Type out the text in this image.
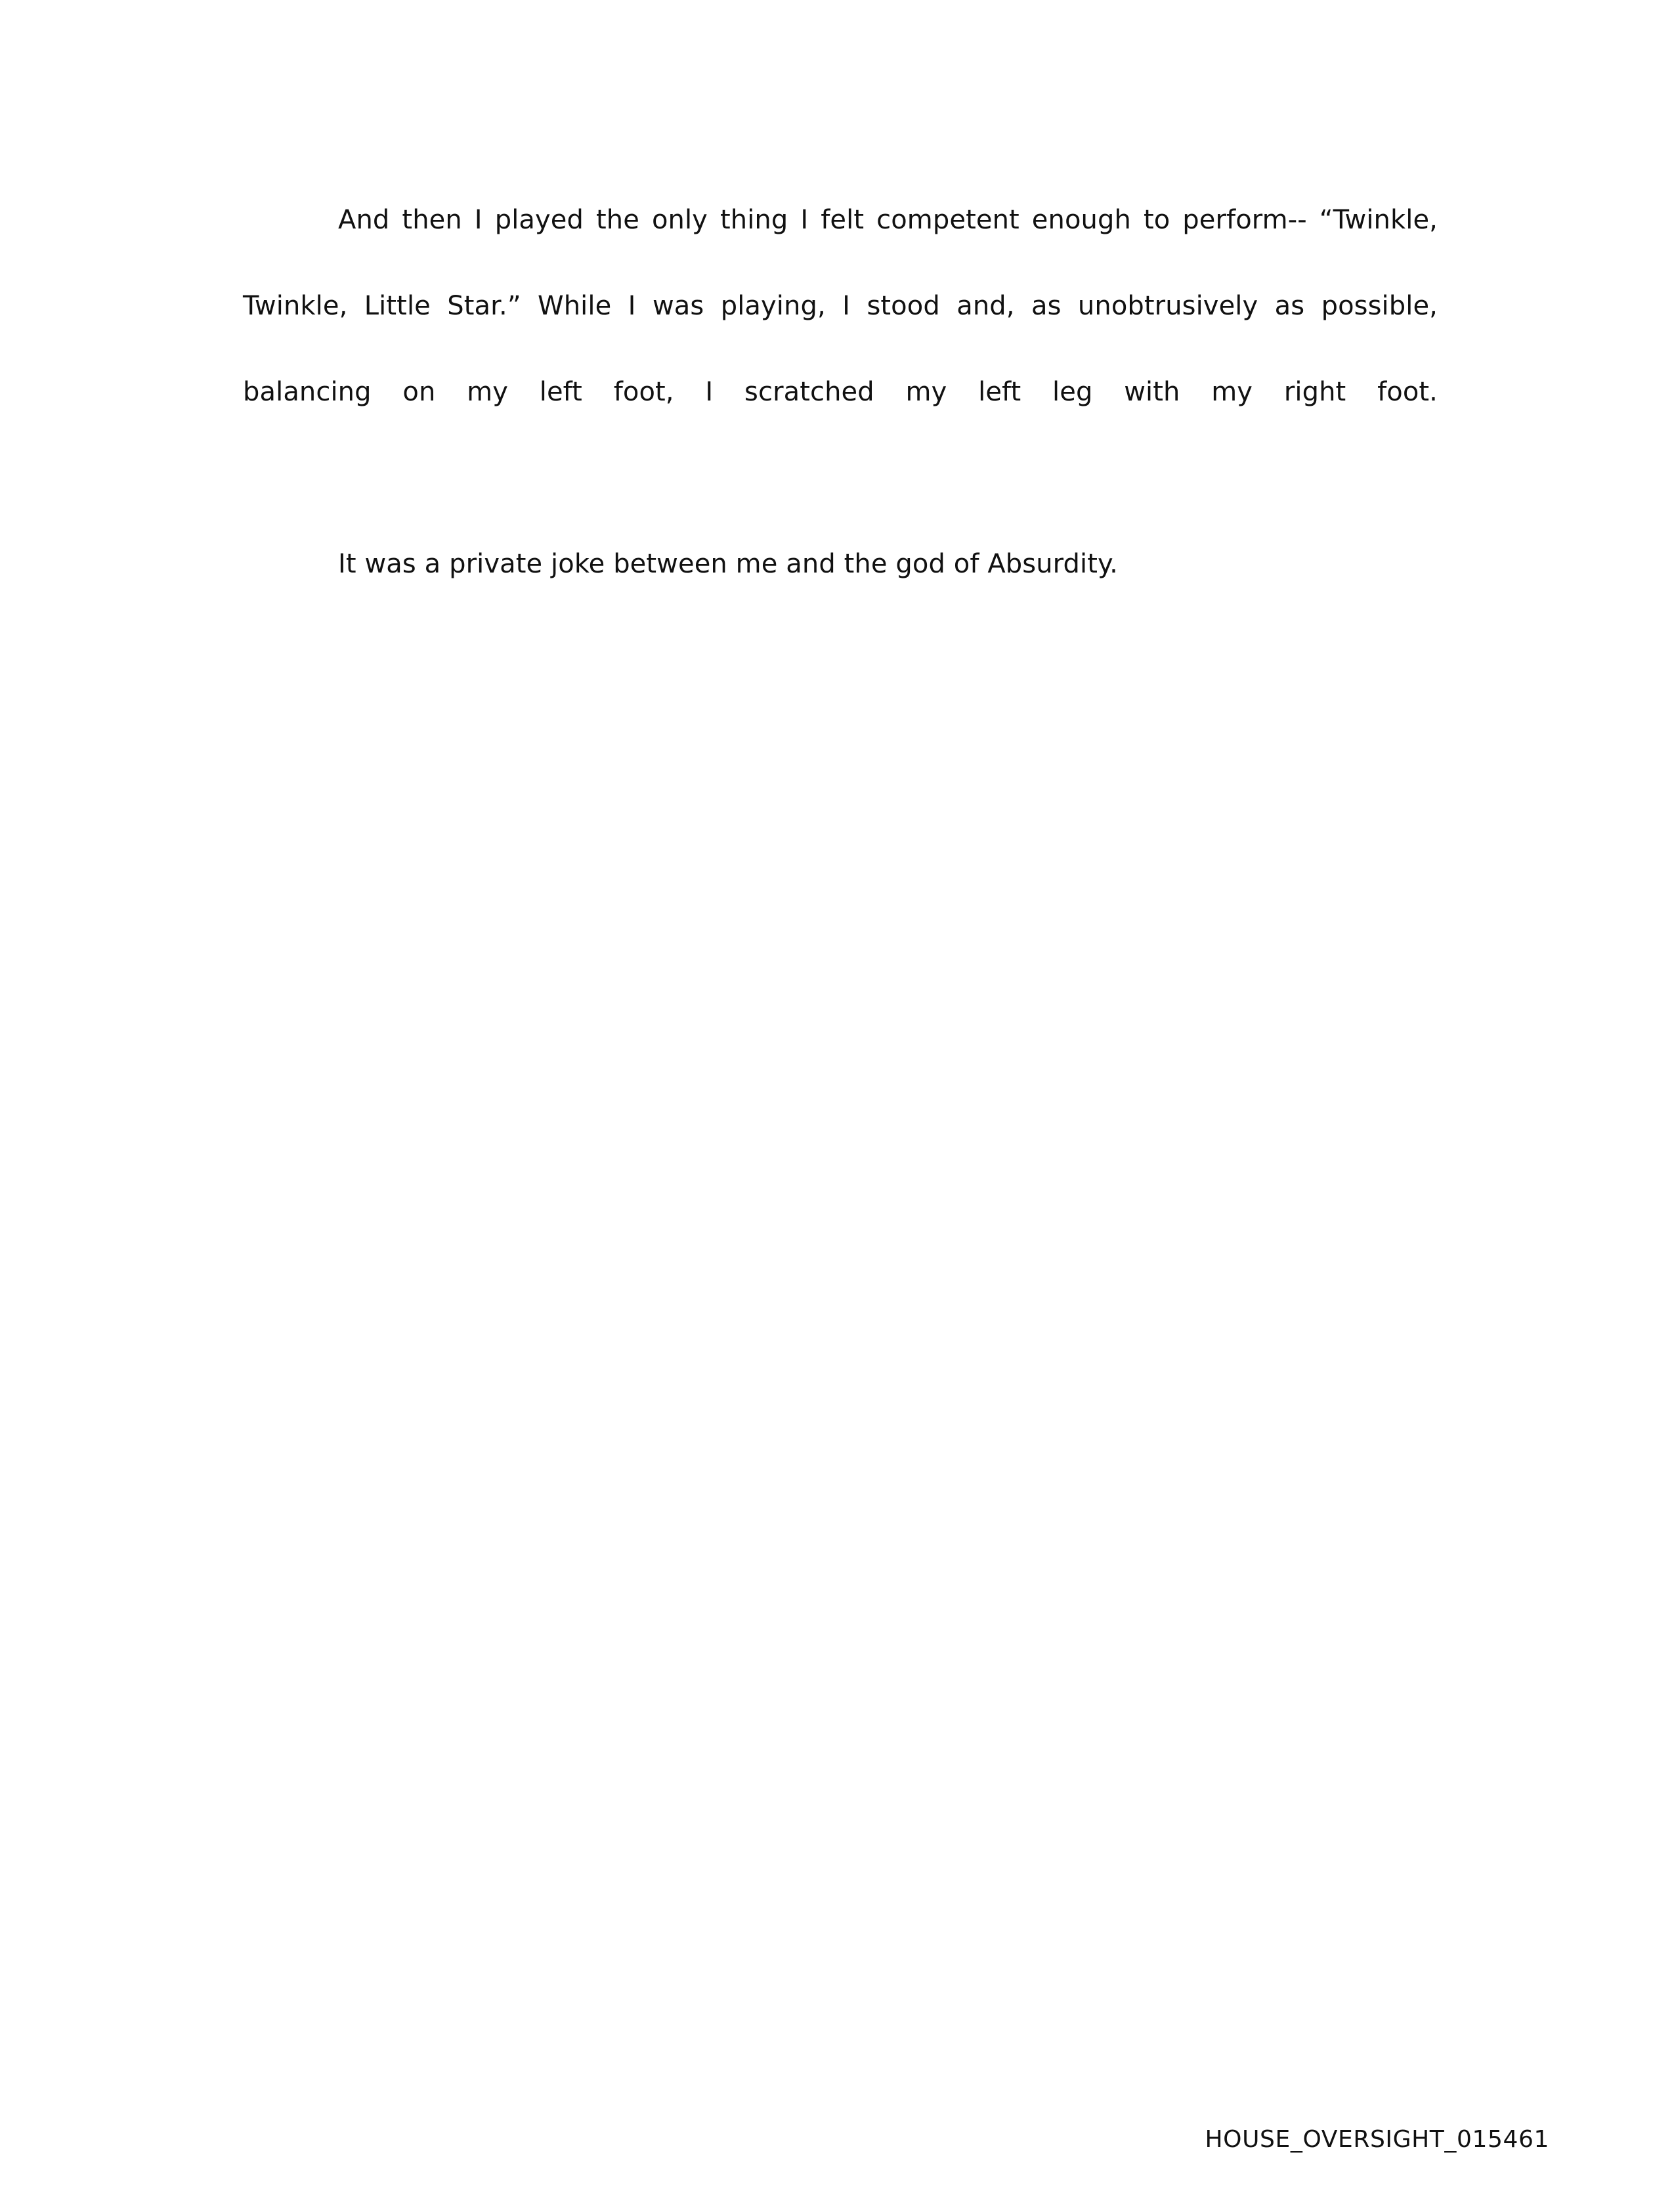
And then I played the only thing I felt competent enough to perform-- “Twinkle, Twinkle, Little Star.” While I was playing, I stood and, as unobtrusively as possible, balancing on my left foot, I scratched my left leg with my right foot.

It was a private joke between me and the god of Absurdity.

HOUSE_OVERSIGHT_015461
